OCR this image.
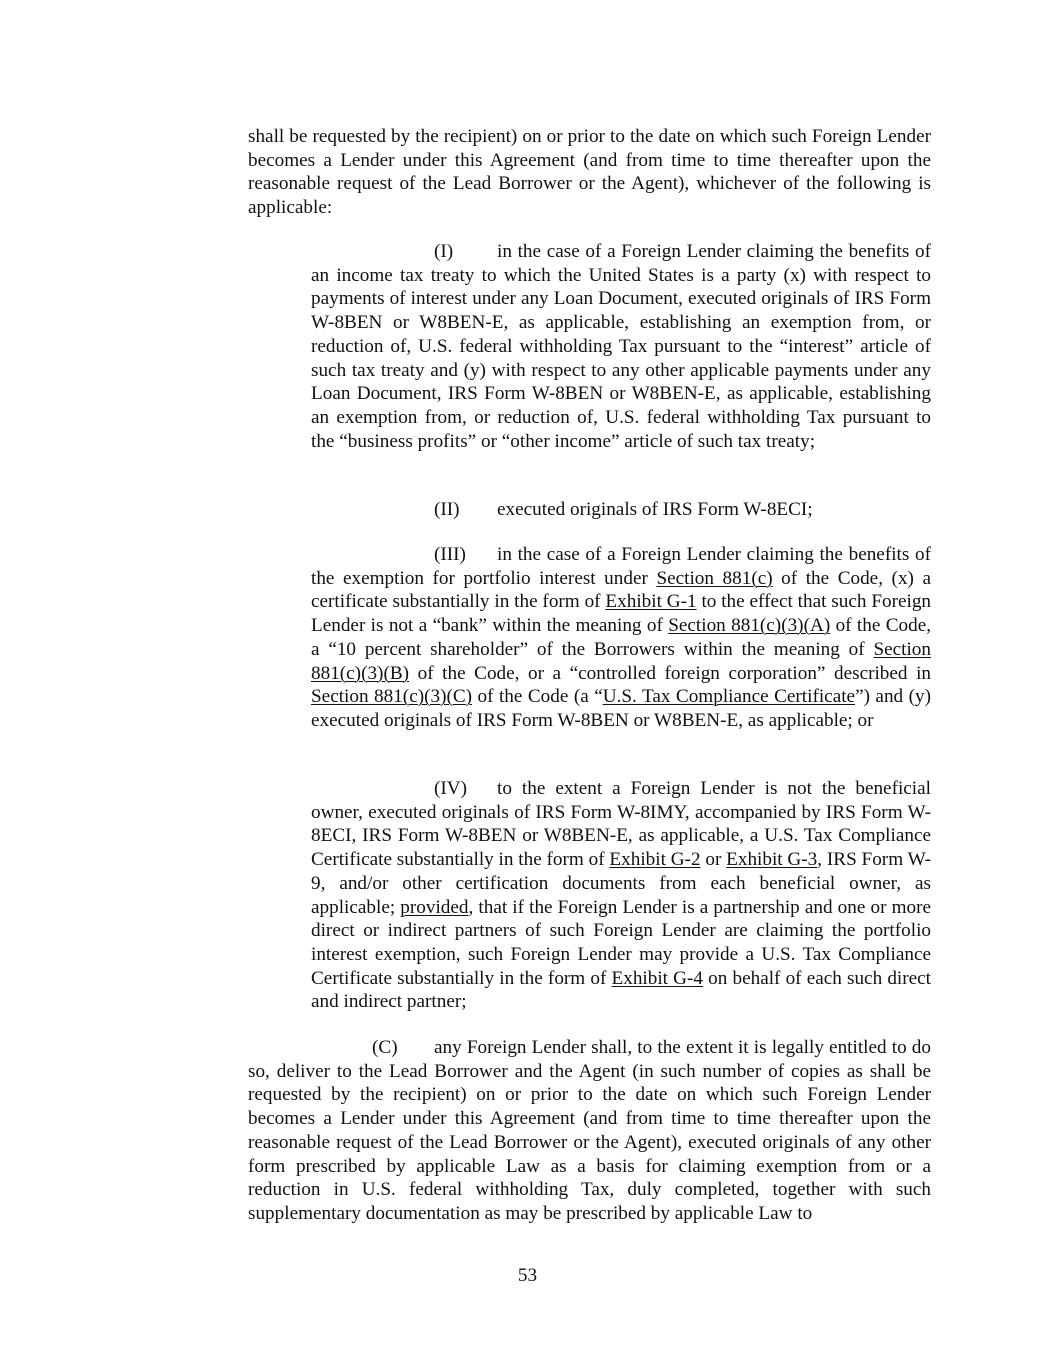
shall be requested by the recipient) on or prior to the date on which such Foreign Lender becomes a Lender under this Agreement (and from time to time thereafter upon the reasonable request of the Lead Borrower or the Agent), whichever of the following is applicable:

(I) in the case of a Foreign Lender claiming the benefits of an income tax treaty to which the United States is a party (x) with respect to payments of interest under any Loan Document, executed originals of IRS Form W-8BEN or W8BEN-E, as applicable, establishing an exemption from, or reduction of, U.S. federal withholding Tax pursuant to the “interest” article of such tax treaty and (y) with respect to any other applicable payments under any Loan Document, IRS Form W-8BEN or W8BEN-E, as applicable, establishing an exemption from, or reduction of, U.S. federal withholding Tax pursuant to the “business profits” or “other income” article of such tax treaty;

(II) executed originals of IRS Form W-8ECI;

(III) in the case of a Foreign Lender claiming the benefits of the exemption for portfolio interest under Section 881(c) of the Code, (x) a certificate substantially in the form of Exhibit G-1 to the effect that such Foreign Lender is not a “bank” within the meaning of Section 881(c)(3)(A) of the Code, a “10 percent shareholder” of the Borrowers within the meaning of Section 881(c)(3)(B) of the Code, or a “controlled foreign corporation” described in Section 881(c)(3)(C) of the Code (a “U.S. Tax Compliance Certificate”) and (y) executed originals of IRS Form W-8BEN or W8BEN-E, as applicable; or

(IV) to the extent a Foreign Lender is not the beneficial owner, executed originals of IRS Form W-8IMY, accompanied by IRS Form W-8ECI, IRS Form W-8BEN or W8BEN-E, as applicable, a U.S. Tax Compliance Certificate substantially in the form of Exhibit G-2 or Exhibit G-3, IRS Form W-9, and/or other certification documents from each beneficial owner, as applicable; provided, that if the Foreign Lender is a partnership and one or more direct or indirect partners of such Foreign Lender are claiming the portfolio interest exemption, such Foreign Lender may provide a U.S. Tax Compliance Certificate substantially in the form of Exhibit G-4 on behalf of each such direct and indirect partner;

(C) any Foreign Lender shall, to the extent it is legally entitled to do so, deliver to the Lead Borrower and the Agent (in such number of copies as shall be requested by the recipient) on or prior to the date on which such Foreign Lender becomes a Lender under this Agreement (and from time to time thereafter upon the reasonable request of the Lead Borrower or the Agent), executed originals of any other form prescribed by applicable Law as a basis for claiming exemption from or a reduction in U.S. federal withholding Tax, duly completed, together with such supplementary documentation as may be prescribed by applicable Law to

53
